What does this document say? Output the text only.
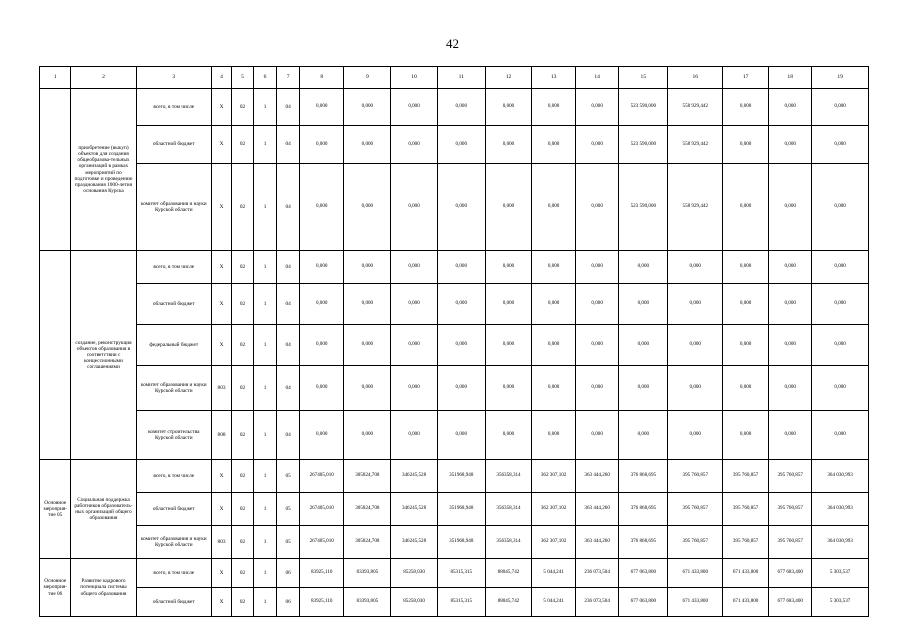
42
1	2	3	4	5	6	7	8	9	10	11	12	13	14	15	16	17	18	19
	приобретение (выкуп) объектов для создания общеобразова-тельных организаций в рамках мероприятий по подготовке и проведению празднования 1000-летия основания Курска	всего, в том числе	X	02	1	04	0,000	0,000	0,000	0,000	0,000	0,000	0,000	523 590,000	558 929,442	0,000	0,000	0,000
		областной бюджет	X	02	1	04	0,000	0,000	0,000	0,000	0,000	0,000	0,000	523 590,000	558 929,442	0,000	0,000	0,000
		комитет образования и науки Курской области	X	02	1	04	0,000	0,000	0,000	0,000	0,000	0,000	0,000	523 590,000	558 929,442	0,000	0,000	0,000
	создание, реконструкция объектов образования в соответствии с концессионными соглашениями	всего, в том числе	X	02	1	04	0,000	0,000	0,000	0,000	0,000	0,000	0,000	0,000	0,000	0,000	0,000	0,000
		областной бюджет	X	02	1	04	0,000	0,000	0,000	0,000	0,000	0,000	0,000	0,000	0,000	0,000	0,000	0,000
		федеральный бюджет	X	02	1	04	0,000	0,000	0,000	0,000	0,000	0,000	0,000	0,000	0,000	0,000	0,000	0,000
		комитет образования и науки Курской области	803	02	1	04	0,000	0,000	0,000	0,000	0,000	0,000	0,000	0,000	0,000	0,000	0,000	0,000
		комитет строительства Курской области	808	02	1	04	0,000	0,000	0,000	0,000	0,000	0,000	0,000	0,000	0,000	0,000	0,000	0,000
Основное мероприя-тие 05	Социальная поддержка работников образователь-ных организаций общего образования	всего, в том числе	X	02	1	05	267405,010	305824,708	346245,528	351968,948	356358,314	362 307,102	363 444,260	376 868,695	395 760,857	395 760,857	395 760,857	364 030,993
		областной бюджет	X	02	1	05	267405,010	305824,708	346245,528	351968,948	356358,314	362 307,102	363 444,260	376 868,695	395 760,857	395 760,857	395 760,857	364 030,993
		комитет образования и науки Курской области	803	02	1	05	267405,010	305824,708	346245,528	351968,948	356358,314	362 307,102	363 444,260	376 868,695	395 760,857	395 760,857	395 760,857	364 030,993
Основное мероприя-тие 06	Развитие кадрового потенциала системы общего образования	всего, в том числе	X	02	1	06	83925,110	83393,805	85258,030	85315,315	88045,742	5 044,241	236 073,504	677 063,800	671 433,800	671 433,800	677 683,400	5 303,537
		областной бюджет	X	02	1	06	83925,110	83393,805	85258,030	85315,315	88045,742	5 044,241	236 073,504	677 063,800	671 433,800	671 433,800	677 683,400	5 303,537
